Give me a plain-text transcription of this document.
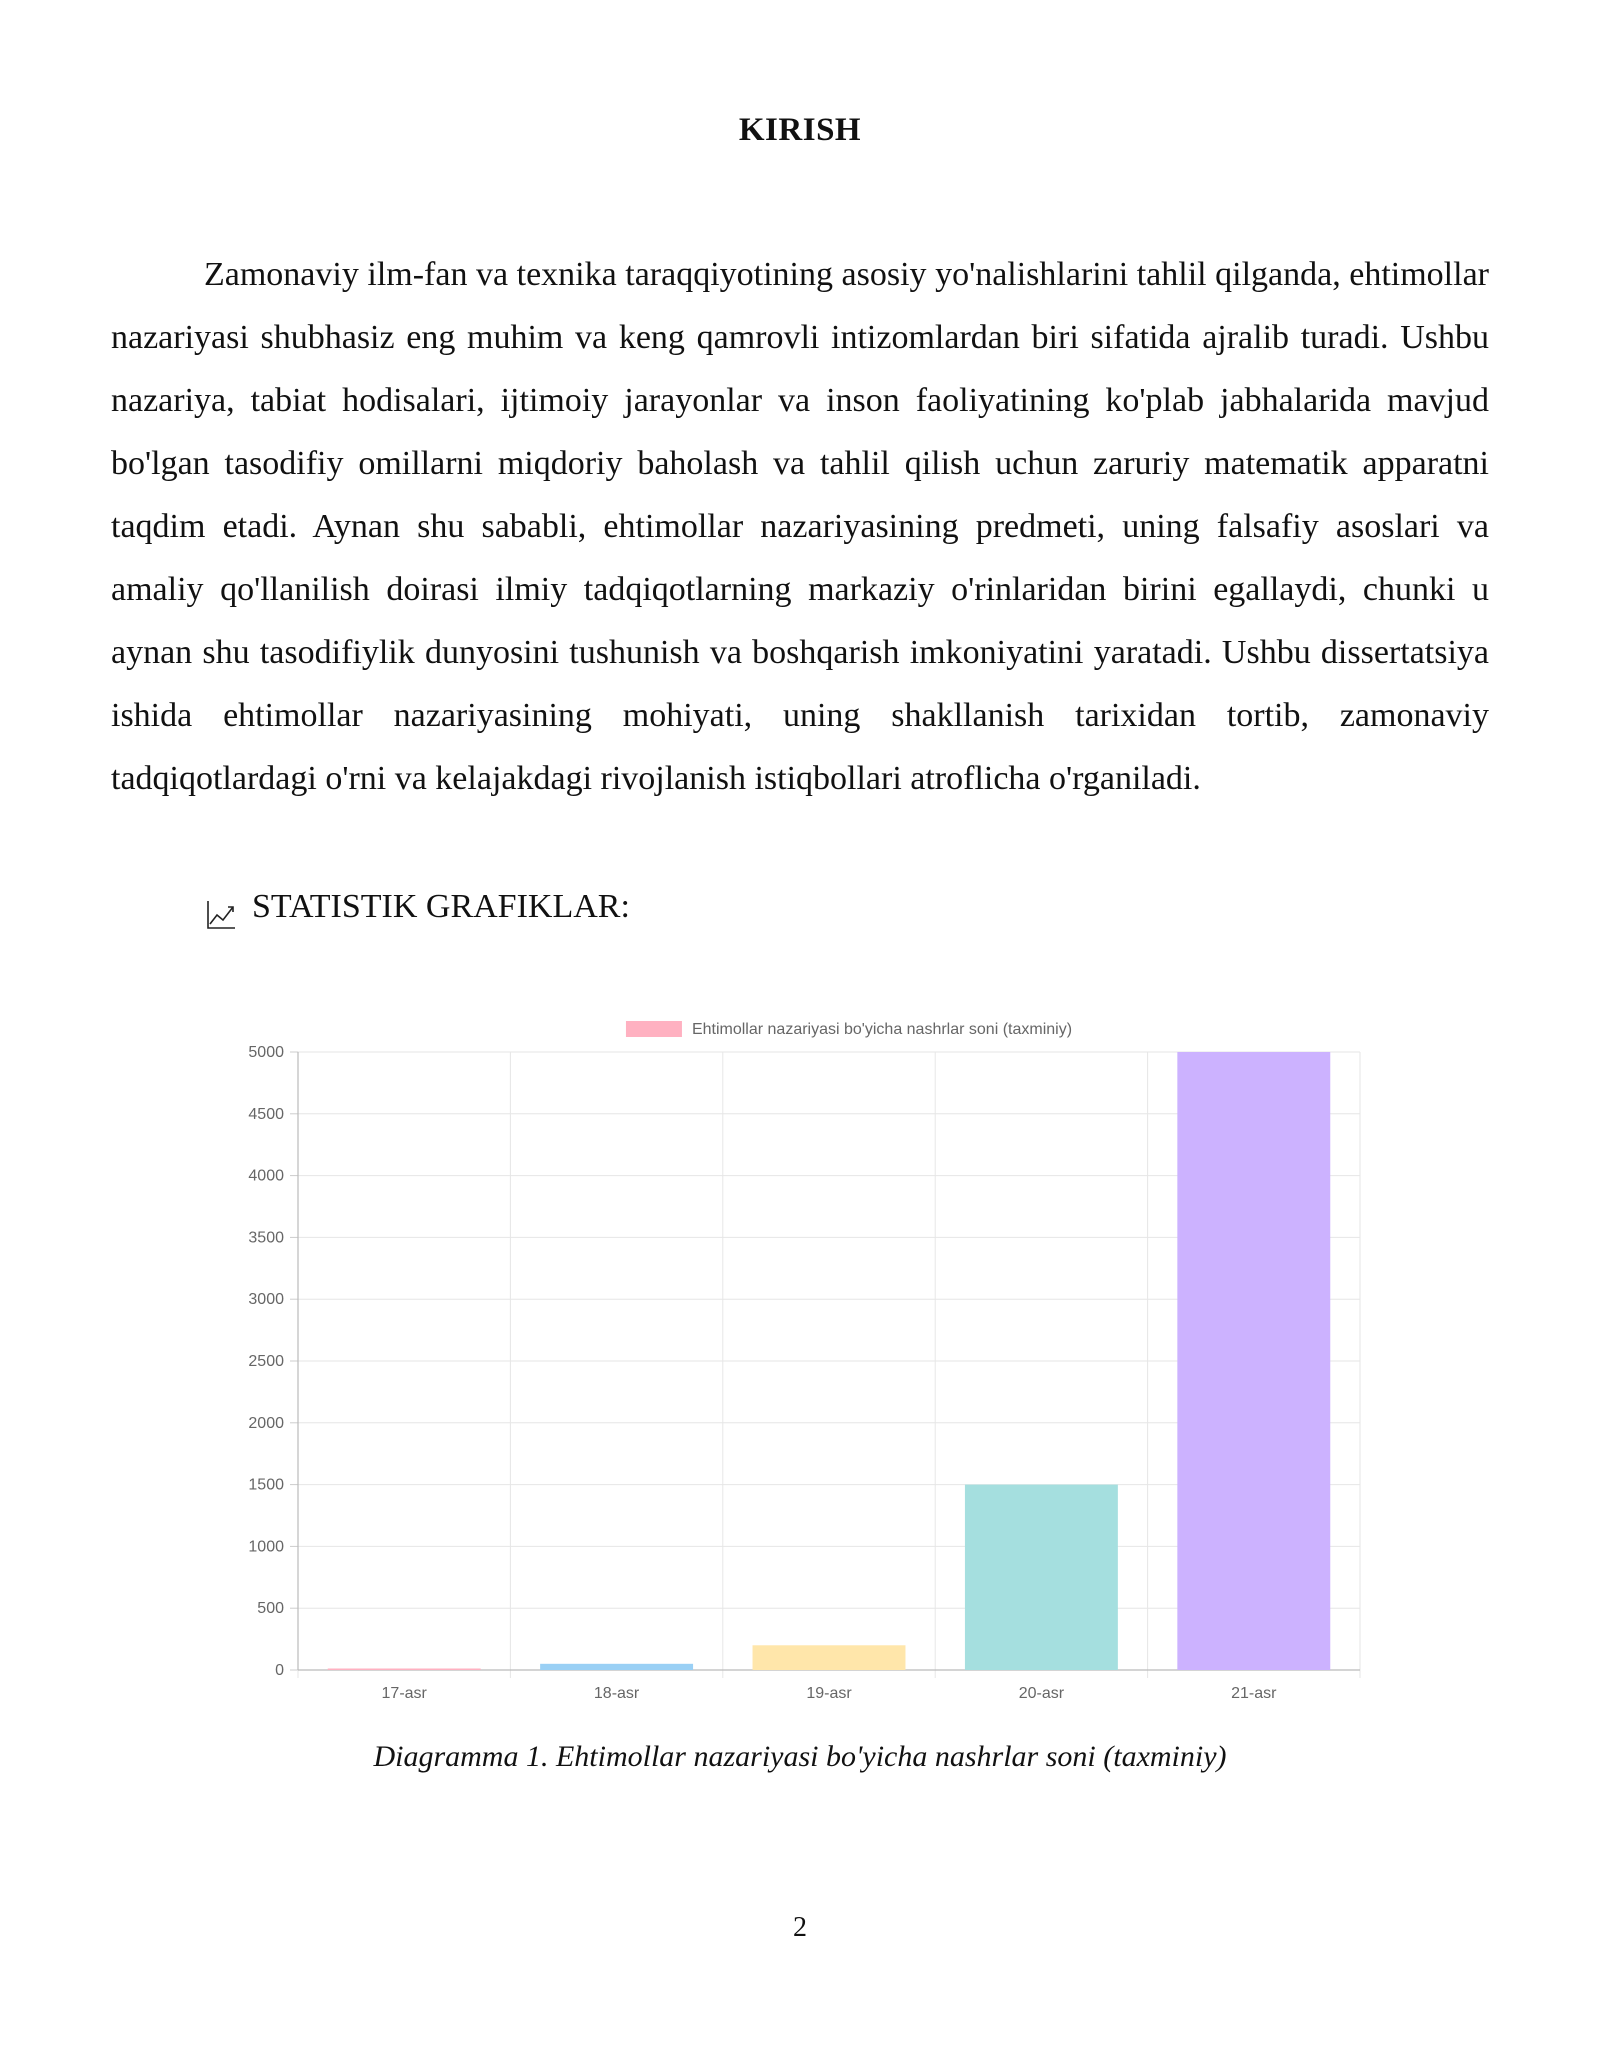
KIRISH

Zamonaviy ilm-fan va texnika taraqqiyotining asosiy yo'nalishlarini tahlil qilganda, ehtimollar nazariyasi shubhasiz eng muhim va keng qamrovli intizomlardan biri sifatida ajralib turadi. Ushbu nazariya, tabiat hodisalari, ijtimoiy jarayonlar va inson faoliyatining ko'plab jabhalarida mavjud bo'lgan tasodifiy omillarni miqdoriy baholash va tahlil qilish uchun zaruriy matematik apparatni taqdim etadi. Aynan shu sababli, ehtimollar nazariyasining predmeti, uning falsafiy asoslari va amaliy qo'llanilish doirasi ilmiy tadqiqotlarning markaziy o'rinlaridan birini egallaydi, chunki u aynan shu tasodifiylik dunyosini tushunish va boshqarish imkoniyatini yaratadi. Ushbu dissertatsiya ishida ehtimollar nazariyasining mohiyati, uning shakllanish tarixidan tortib, zamonaviy tadqiqotlardagi o'rni va kelajakdagi rivojlanish istiqbollari atroflicha o'rganiladi.

STATISTIK GRAFIKLAR:
0
500
1000
1500
2000
2500
3000
3500
4000
4500
5000
17-asr	18-asr	19-asr	20-asr	21-asr
Ehtimollar nazariyasi bo'yicha nashrlar soni (taxminiy)
Diagramma 1. Ehtimollar nazariyasi bo'yicha nashrlar soni (taxminiy)
2
